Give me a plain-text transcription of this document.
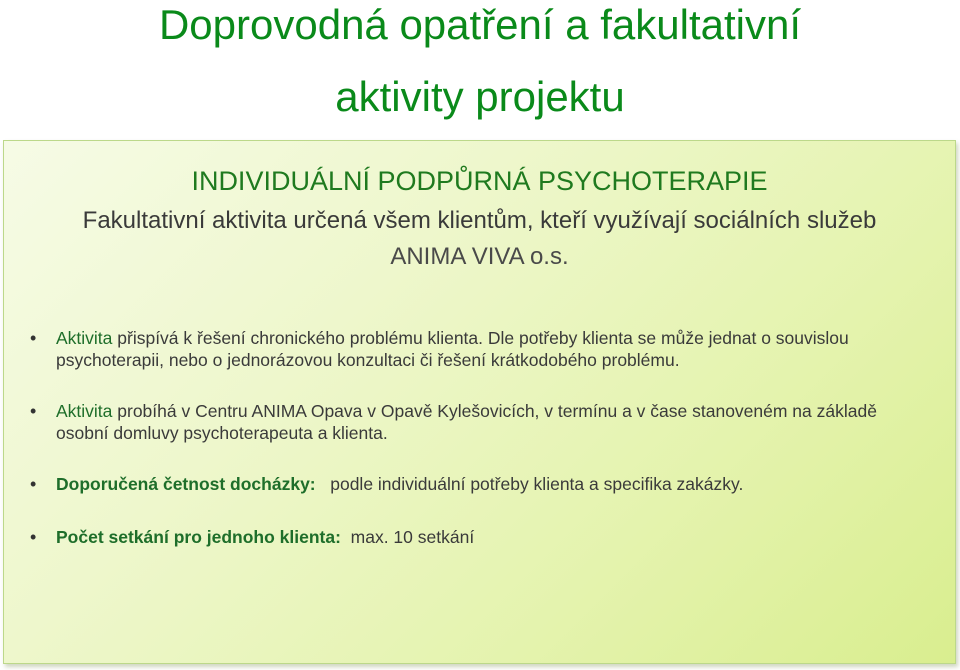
Doprovodná opatření a fakultativní
aktivity projektu
INDIVIDUÁLNÍ PODPŮRNÁ PSYCHOTERAPIE
Fakultativní aktivita určená všem klientům, kteří využívají sociálních služeb
ANIMA VIVA o.s.
• Aktivita přispívá k řešení chronického problému klienta. Dle potřeby klienta se může jednat o souvislou psychoterapii, nebo o jednorázovou konzultaci či řešení krátkodobého problému.
• Aktivita probíhá v Centru ANIMA Opava v Opavě Kylešovicích, v termínu a v čase stanoveném na základě osobní domluvy psychoterapeuta a klienta.
• Doporučená četnost docházky:   podle individuální potřeby klienta a specifika zakázky.
• Počet setkání pro jednoho klienta:  max. 10 setkání
